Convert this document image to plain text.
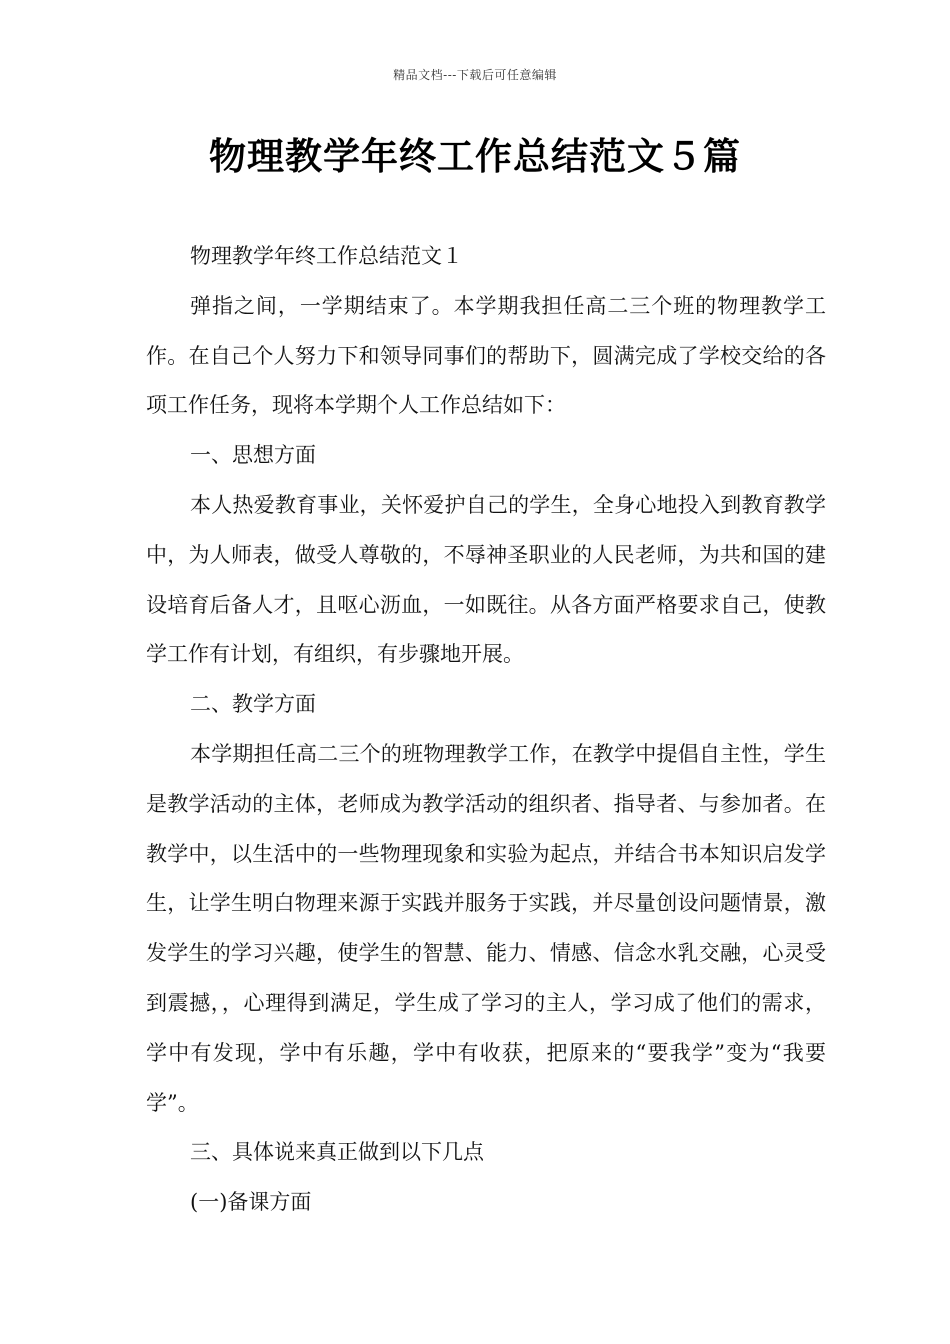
精品文档---下载后可任意编辑
物理教学年终工作总结范文５篇

物理教学年终工作总结范文１

弹指之间，一学期结束了。本学期我担任高二三个班的物理教学工作。在自己个人努力下和领导同事们的帮助下，圆满完成了学校交给的各项工作任务，现将本学期个人工作总结如下：

一、思想方面

本人热爱教育事业，关怀爱护自己的学生，全身心地投入到教育教学中，为人师表，做受人尊敬的，不辱神圣职业的人民老师，为共和国的建设培育后备人才，且呕心沥血，一如既往。从各方面严格要求自己，使教学工作有计划，有组织，有步骤地开展。

二、教学方面

本学期担任高二三个的班物理教学工作，在教学中提倡自主性，学生是教学活动的主体，老师成为教学活动的组织者、指导者、与参加者。在教学中，以生活中的一些物理现象和实验为起点，并结合书本知识启发学生，让学生明白物理来源于实践并服务于实践，并尽量创设问题情景，激发学生的学习兴趣，使学生的智慧、能力、情感、信念水乳交融，心灵受到震撼，，心理得到满足，学生成了学习的主人，学习成了他们的需求，学中有发现，学中有乐趣，学中有收获，把原来的“要我学”变为“我要学”。

三、具体说来真正做到以下几点

(一)备课方面
